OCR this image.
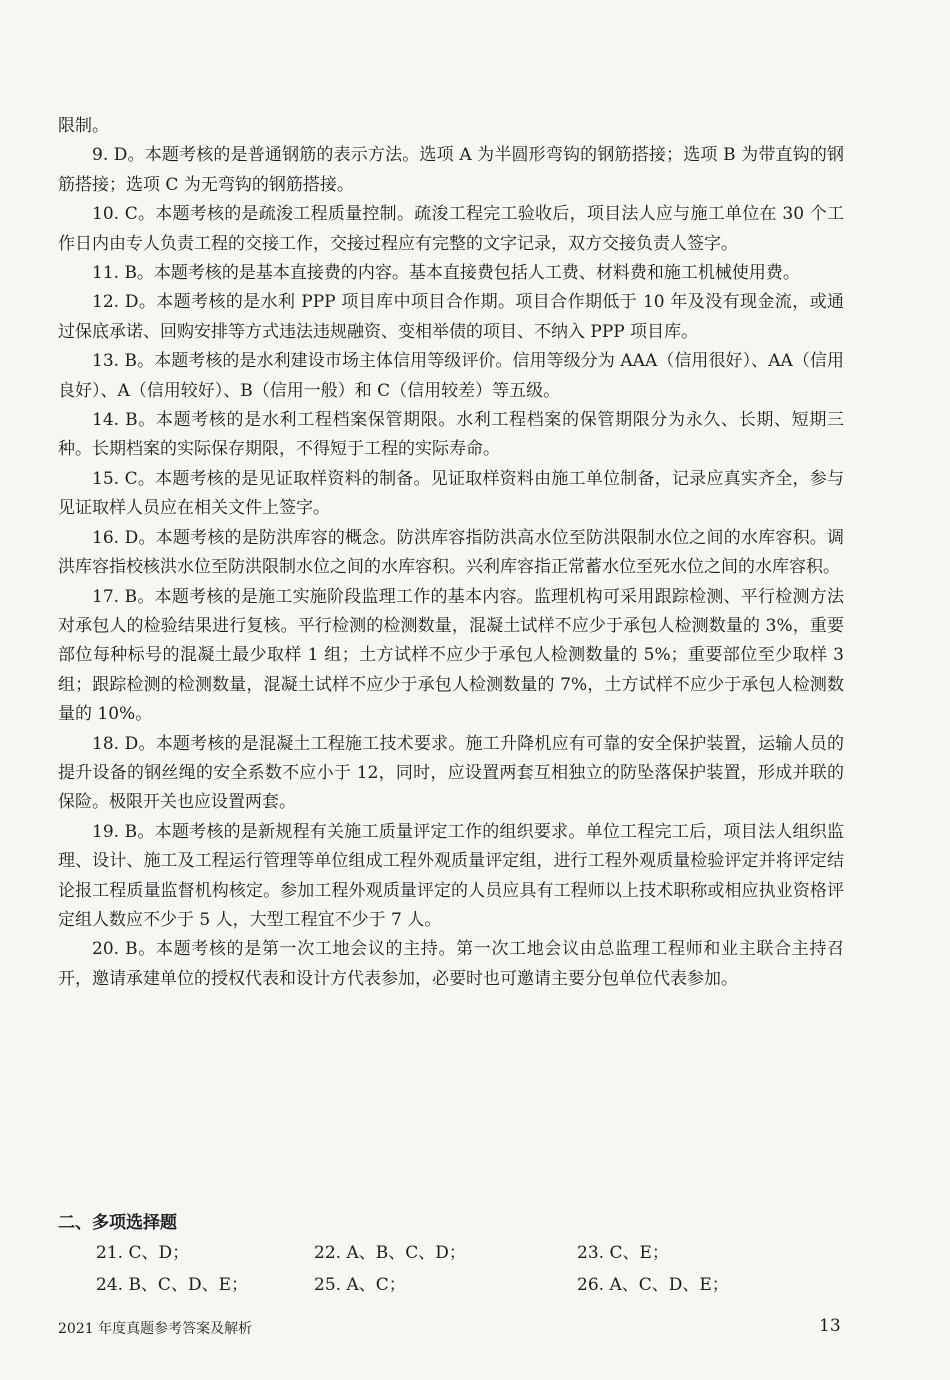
限制。

9. D。本题考核的是普通钢筋的表示方法。选项 A 为半圆形弯钩的钢筋搭接；选项 B 为带直钩的钢筋搭接；选项 C 为无弯钩的钢筋搭接。

10. C。本题考核的是疏浚工程质量控制。疏浚工程完工验收后，项目法人应与施工单位在 30 个工作日内由专人负责工程的交接工作，交接过程应有完整的文字记录，双方交接负责人签字。

11. B。本题考核的是基本直接费的内容。基本直接费包括人工费、材料费和施工机械使用费。

12. D。本题考核的是水利 PPP 项目库中项目合作期。项目合作期低于 10 年及没有现金流，或通过保底承诺、回购安排等方式违法违规融资、变相举债的项目、不纳入 PPP 项目库。

13. B。本题考核的是水利建设市场主体信用等级评价。信用等级分为 AAA（信用很好）、AA（信用良好）、A（信用较好）、B（信用一般）和 C（信用较差）等五级。

14. B。本题考核的是水利工程档案保管期限。水利工程档案的保管期限分为永久、长期、短期三种。长期档案的实际保存期限，不得短于工程的实际寿命。

15. C。本题考核的是见证取样资料的制备。见证取样资料由施工单位制备，记录应真实齐全，参与见证取样人员应在相关文件上签字。

16. D。本题考核的是防洪库容的概念。防洪库容指防洪高水位至防洪限制水位之间的水库容积。调洪库容指校核洪水位至防洪限制水位之间的水库容积。兴利库容指正常蓄水位至死水位之间的水库容积。

17. B。本题考核的是施工实施阶段监理工作的基本内容。监理机构可采用跟踪检测、平行检测方法对承包人的检验结果进行复核。平行检测的检测数量，混凝土试样不应少于承包人检测数量的 3%，重要部位每种标号的混凝土最少取样 1 组；土方试样不应少于承包人检测数量的 5%；重要部位至少取样 3 组；跟踪检测的检测数量，混凝土试样不应少于承包人检测数量的 7%，土方试样不应少于承包人检测数量的 10%。

18. D。本题考核的是混凝土工程施工技术要求。施工升降机应有可靠的安全保护装置，运输人员的提升设备的钢丝绳的安全系数不应小于 12，同时，应设置两套互相独立的防坠落保护装置，形成并联的保险。极限开关也应设置两套。

19. B。本题考核的是新规程有关施工质量评定工作的组织要求。单位工程完工后，项目法人组织监理、设计、施工及工程运行管理等单位组成工程外观质量评定组，进行工程外观质量检验评定并将评定结论报工程质量监督机构核定。参加工程外观质量评定的人员应具有工程师以上技术职称或相应执业资格评定组人数应不少于 5 人，大型工程宜不少于 7 人。

20. B。本题考核的是第一次工地会议的主持。第一次工地会议由总监理工程师和业主联合主持召开，邀请承建单位的授权代表和设计方代表参加，必要时也可邀请主要分包单位代表参加。

二、多项选择题
21. C、D；	22. A、B、C、D；	23. C、E；
24. B、C、D、E；	25. A、C；	26. A、C、D、E；
2021 年度真题参考答案及解析	13
